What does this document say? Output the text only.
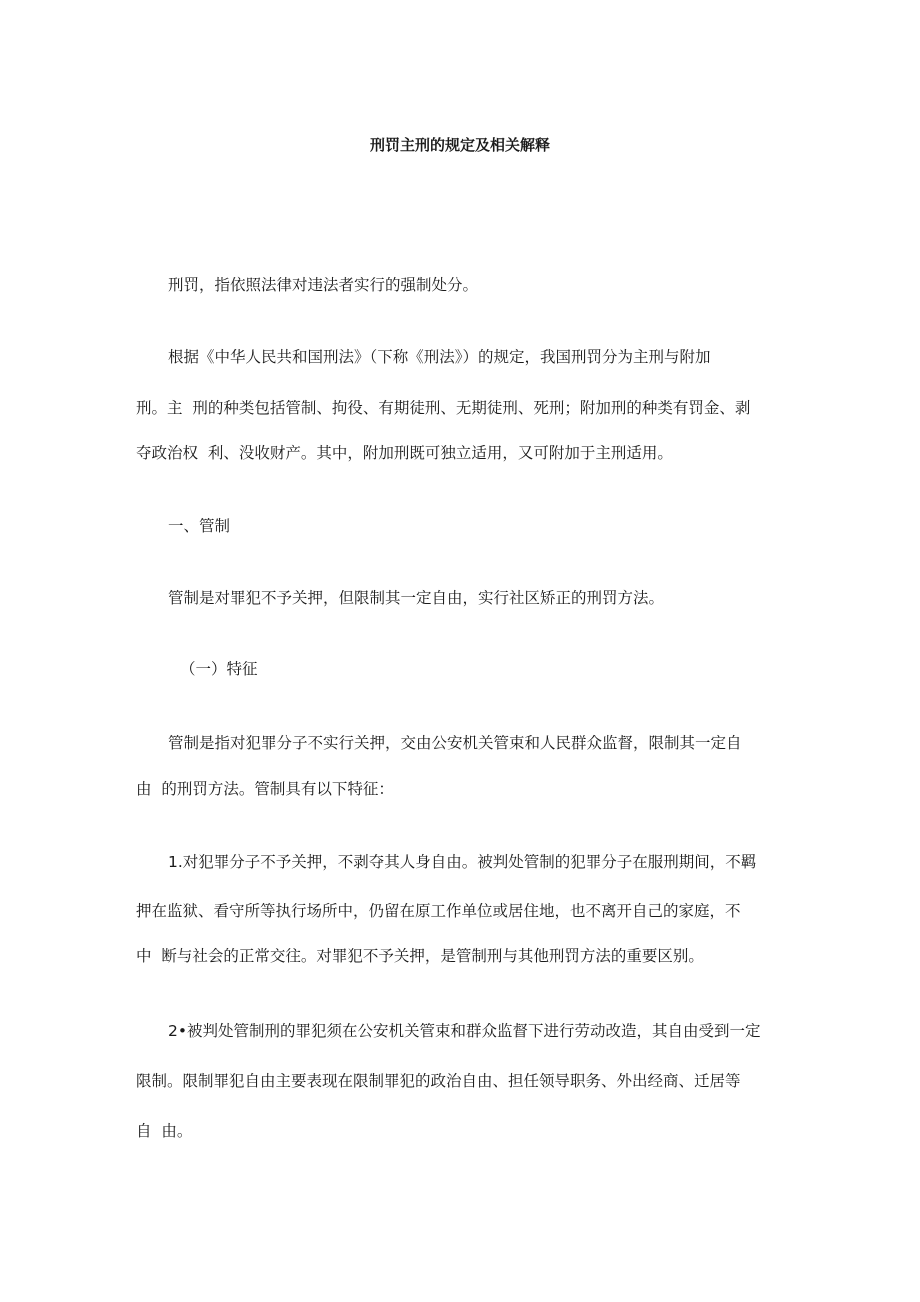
刑罚主刑的规定及相关解释
刑罚，指依照法律对违法者实行的强制处分。
根据《中华人民共和国刑法》（下称《刑法》）的规定，我国刑罚分为主刑与附加
刑。主  刑的种类包括管制、拘役、有期徒刑、无期徒刑、死刑；附加刑的种类有罚金、剥
夺政治权  利、没收财产。其中，附加刑既可独立适用，又可附加于主刑适用。
一、管制
管制是对罪犯不予关押，但限制其一定自由，实行社区矫正的刑罚方法。
（一）特征
管制是指对犯罪分子不实行关押，交由公安机关管束和人民群众监督，限制其一定自
由  的刑罚方法。管制具有以下特征：
1.对犯罪分子不予关押，不剥夺其人身自由。被判处管制的犯罪分子在服刑期间，不羁
押在监狱、看守所等执行场所中，仍留在原工作单位或居住地，也不离开自己的家庭，不
中  断与社会的正常交往。对罪犯不予关押，是管制刑与其他刑罚方法的重要区别。
2•被判处管制刑的罪犯须在公安机关管束和群众监督下进行劳动改造，其自由受到一定
限制。限制罪犯自由主要表现在限制罪犯的政治自由、担任领导职务、外出经商、迁居等
自  由。
